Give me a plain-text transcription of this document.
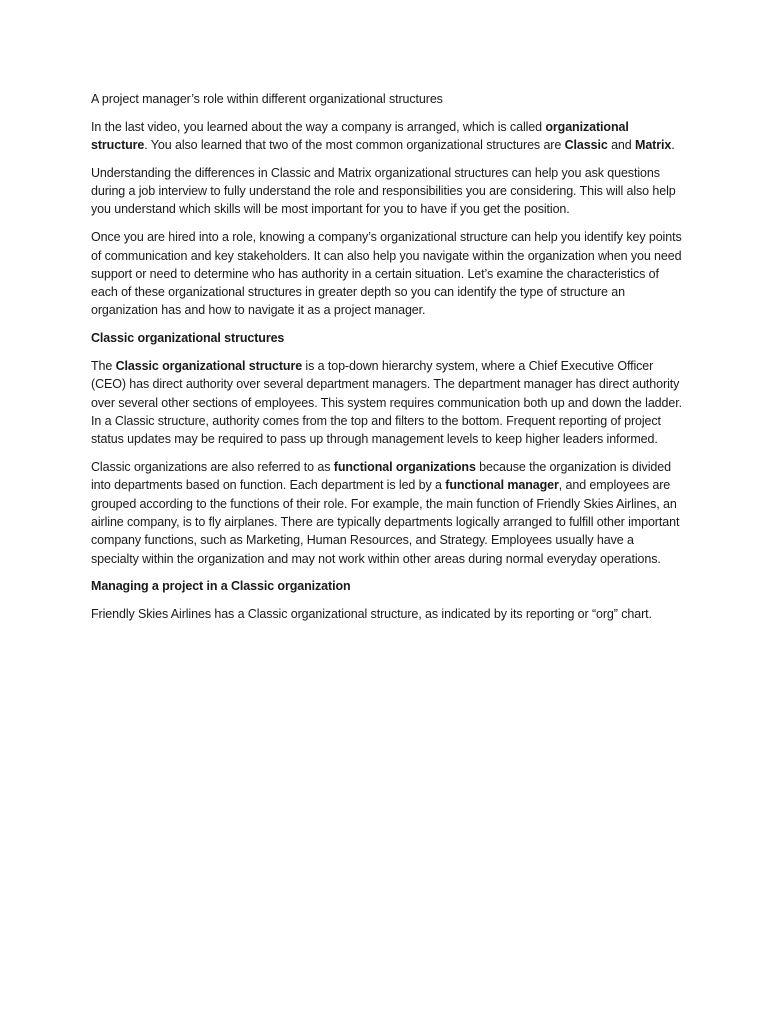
A project manager’s role within different organizational structures

In the last video, you learned about the way a company is arranged, which is called organizational structure. You also learned that two of the most common organizational structures are Classic and Matrix.

Understanding the differences in Classic and Matrix organizational structures can help you ask questions during a job interview to fully understand the role and responsibilities you are considering. This will also help you understand which skills will be most important for you to have if you get the position.

Once you are hired into a role, knowing a company’s organizational structure can help you identify key points of communication and key stakeholders. It can also help you navigate within the organization when you need support or need to determine who has authority in a certain situation. Let’s examine the characteristics of each of these organizational structures in greater depth so you can identify the type of structure an organization has and how to navigate it as a project manager.

Classic organizational structures

The Classic organizational structure is a top-down hierarchy system, where a Chief Executive Officer (CEO) has direct authority over several department managers. The department manager has direct authority over several other sections of employees. This system requires communication both up and down the ladder. In a Classic structure, authority comes from the top and filters to the bottom. Frequent reporting of project status updates may be required to pass up through management levels to keep higher leaders informed.

Classic organizations are also referred to as functional organizations because the organization is divided into departments based on function. Each department is led by a functional manager, and employees are grouped according to the functions of their role. For example, the main function of Friendly Skies Airlines, an airline company, is to fly airplanes. There are typically departments logically arranged to fulfill other important company functions, such as Marketing, Human Resources, and Strategy. Employees usually have a specialty within the organization and may not work within other areas during normal everyday operations.

Managing a project in a Classic organization

Friendly Skies Airlines has a Classic organizational structure, as indicated by its reporting or “org” chart.
